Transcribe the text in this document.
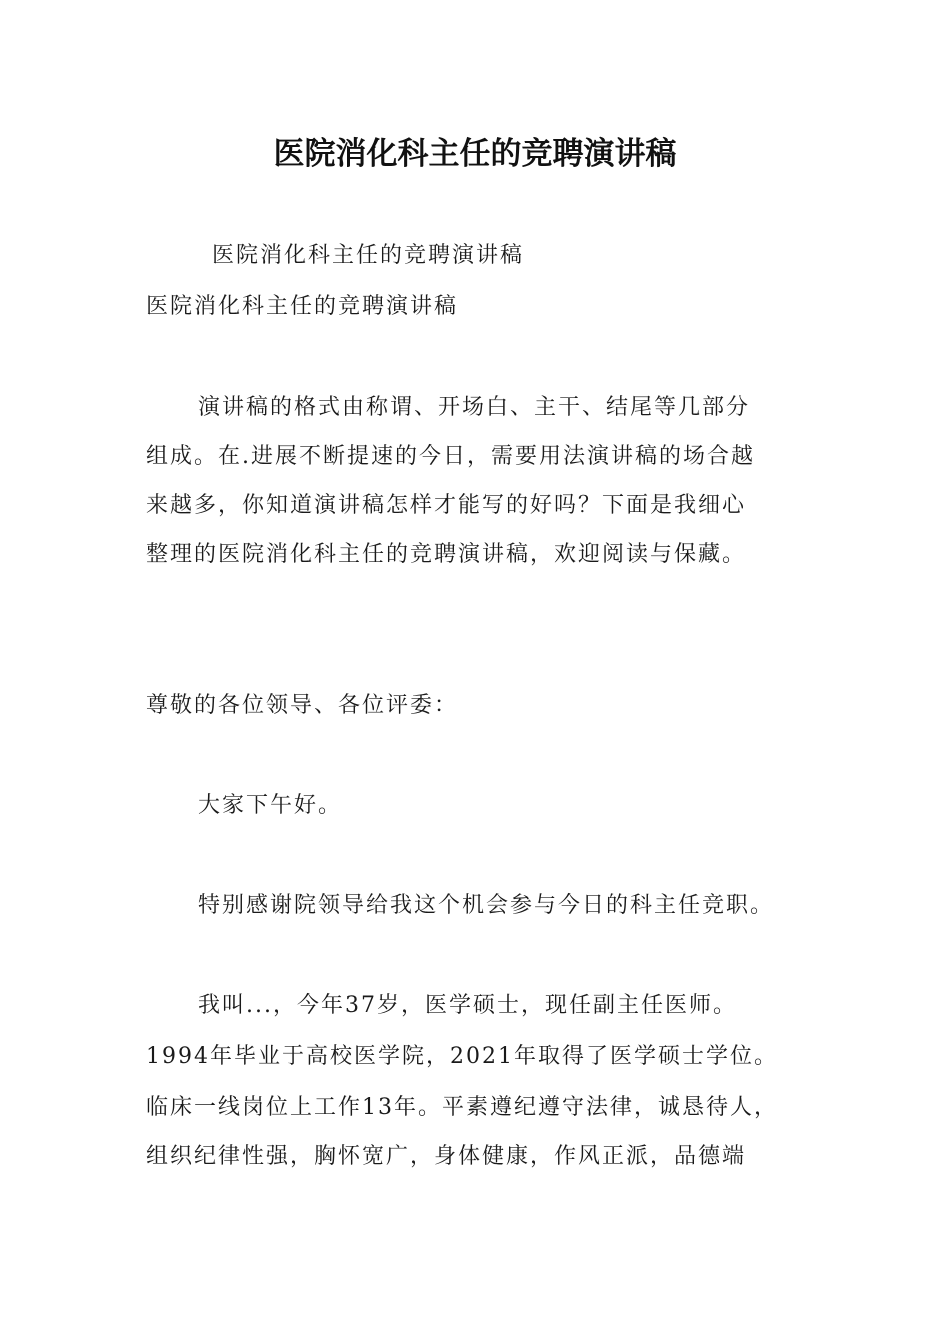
医院消化科主任的竞聘演讲稿
医院消化科主任的竞聘演讲稿
医院消化科主任的竞聘演讲稿
演讲稿的格式由称谓、开场白、主干、结尾等几部分
组成。在.进展不断提速的今日，需要用法演讲稿的场合越
来越多，你知道演讲稿怎样才能写的好吗？下面是我细心
整理的医院消化科主任的竞聘演讲稿，欢迎阅读与保藏。
尊敬的各位领导、各位评委：
大家下午好。
特别感谢院领导给我这个机会参与今日的科主任竞职。
我叫...，今年37岁，医学硕士，现任副主任医师。
1994年毕业于高校医学院，2021年取得了医学硕士学位。
临床一线岗位上工作13年。平素遵纪遵守法律，诚恳待人，
组织纪律性强，胸怀宽广，身体健康，作风正派，品德端
